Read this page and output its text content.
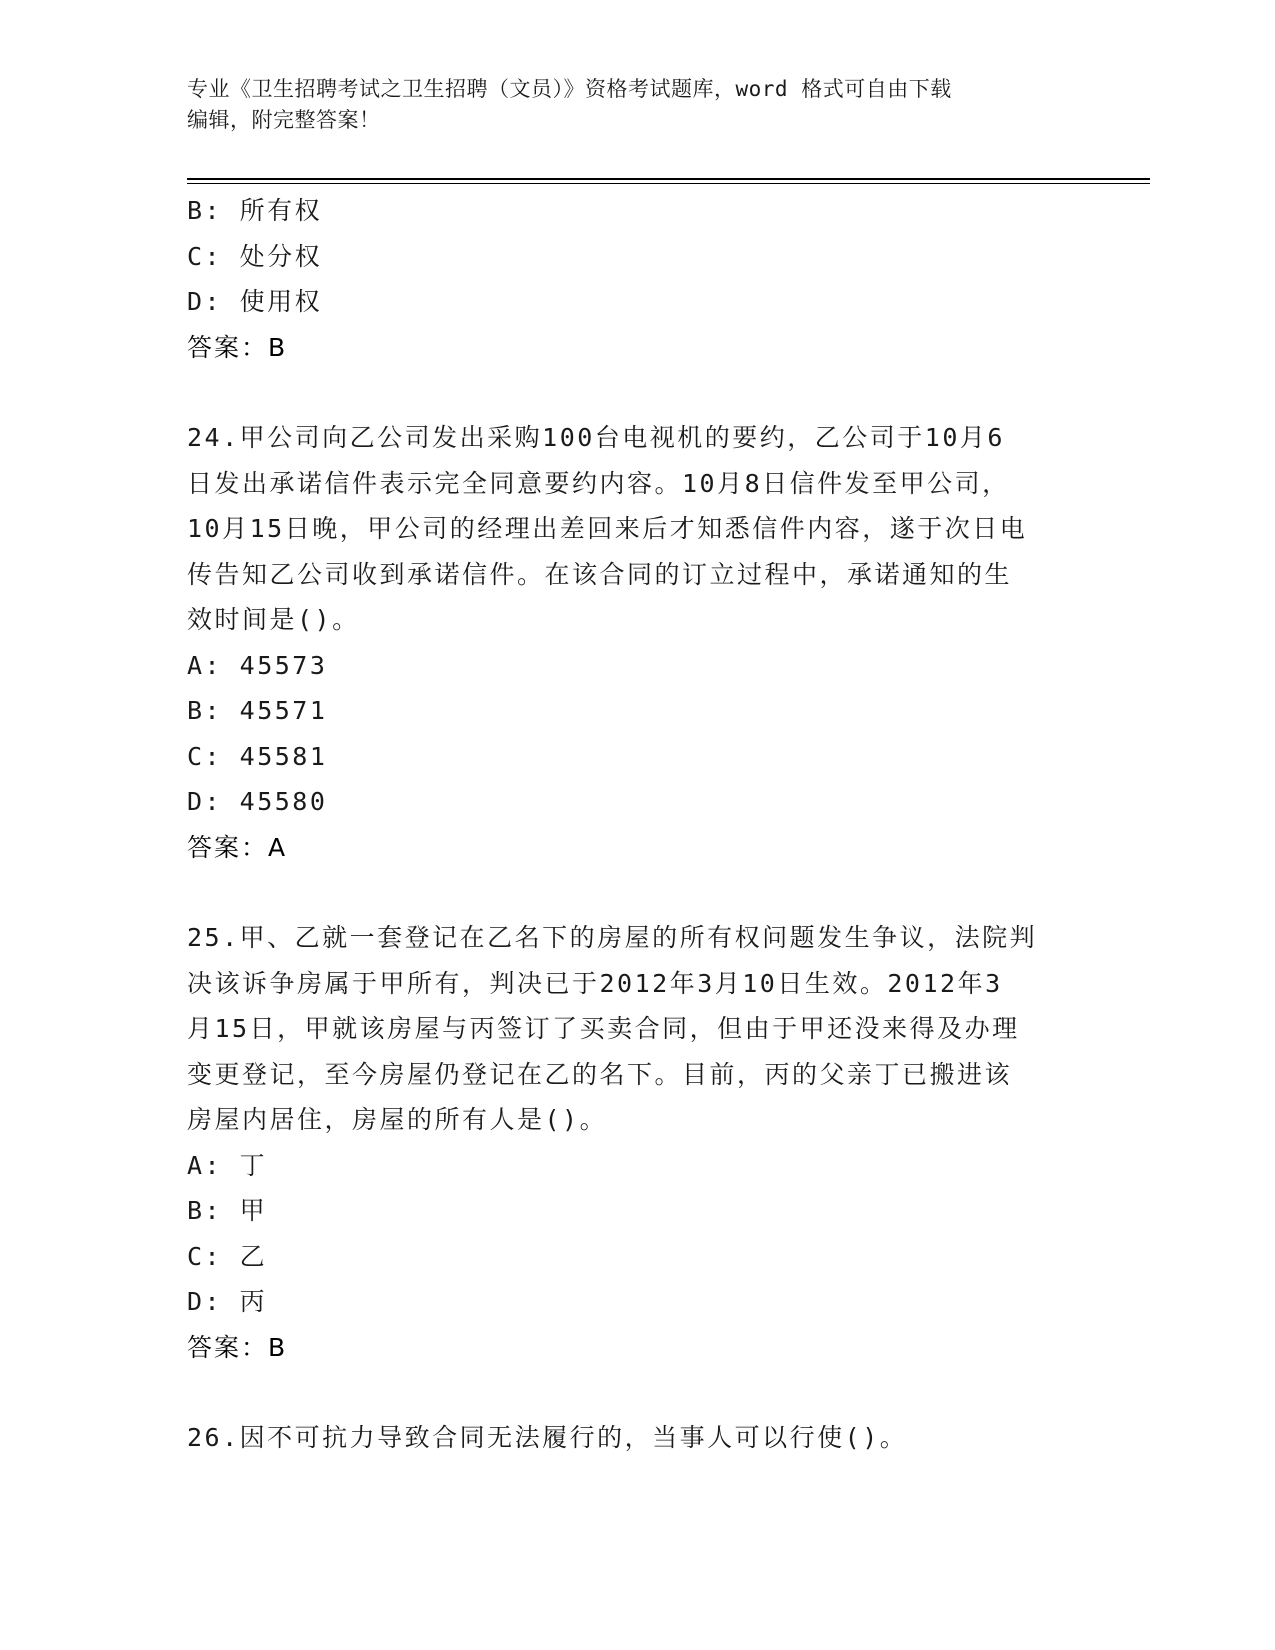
专业《卫生招聘考试之卫生招聘（文员）》资格考试题库，word 格式可自由下载
编辑，附完整答案！
B: 所有权
C: 处分权
D: 使用权
答案：B
24.甲公司向乙公司发出采购100台电视机的要约，乙公司于10月6
日发出承诺信件表示完全同意要约内容。10月8日信件发至甲公司，
10月15日晚，甲公司的经理出差回来后才知悉信件内容，遂于次日电
传告知乙公司收到承诺信件。在该合同的订立过程中，承诺通知的生
效时间是()。
A: 45573
B: 45571
C: 45581
D: 45580
答案：A
25.甲、乙就一套登记在乙名下的房屋的所有权问题发生争议，法院判
决该诉争房属于甲所有，判决已于2012年3月10日生效。2012年3
月15日，甲就该房屋与丙签订了买卖合同，但由于甲还没来得及办理
变更登记，至今房屋仍登记在乙的名下。目前，丙的父亲丁已搬进该
房屋内居住，房屋的所有人是()。
A: 丁
B: 甲
C: 乙
D: 丙
答案：B
26.因不可抗力导致合同无法履行的，当事人可以行使()。
